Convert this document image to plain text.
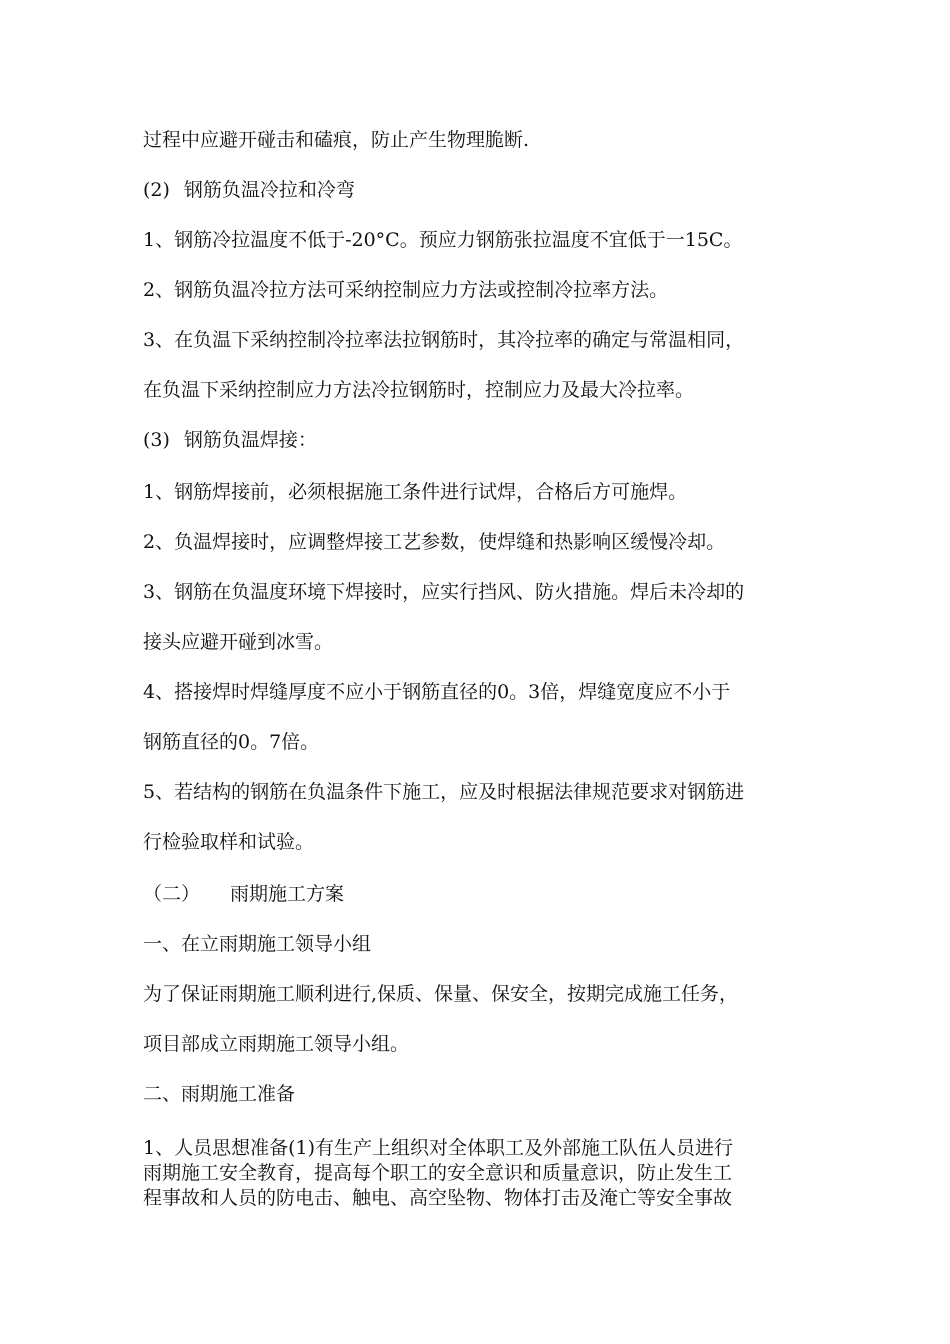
过程中应避开碰击和磕痕，防止产生物理脆断.
(2) 钢筋负温冷拉和冷弯
1、钢筋冷拉温度不低于-20°C。预应力钢筋张拉温度不宜低于一15C。
2、钢筋负温冷拉方法可采纳控制应力方法或控制冷拉率方法。
3、在负温下采纳控制冷拉率法拉钢筋时，其冷拉率的确定与常温相同，
在负温下采纳控制应力方法冷拉钢筋时，控制应力及最大冷拉率。
(3) 钢筋负温焊接：
1、钢筋焊接前，必须根据施工条件进行试焊，合格后方可施焊。
2、负温焊接时，应调整焊接工艺参数，使焊缝和热影响区缓慢冷却。
3、钢筋在负温度环境下焊接时，应实行挡风、防火措施。焊后未冷却的
接头应避开碰到冰雪。
4、搭接焊时焊缝厚度不应小于钢筋直径的0。3倍，焊缝宽度应不小于
钢筋直径的0。7倍。
5、若结构的钢筋在负温条件下施工，应及时根据法律规范要求对钢筋进
行检验取样和试验。
（二） 雨期施工方案
一、在立雨期施工领导小组
为了保证雨期施工顺利进行,保质、保量、保安全，按期完成施工任务，
项目部成立雨期施工领导小组。
二、雨期施工准备
1、人员思想准备(1)有生产上组织对全体职工及外部施工队伍人员进行
雨期施工安全教育，提高每个职工的安全意识和质量意识，防止发生工
程事故和人员的防电击、触电、高空坠物、物体打击及淹亡等安全事故
